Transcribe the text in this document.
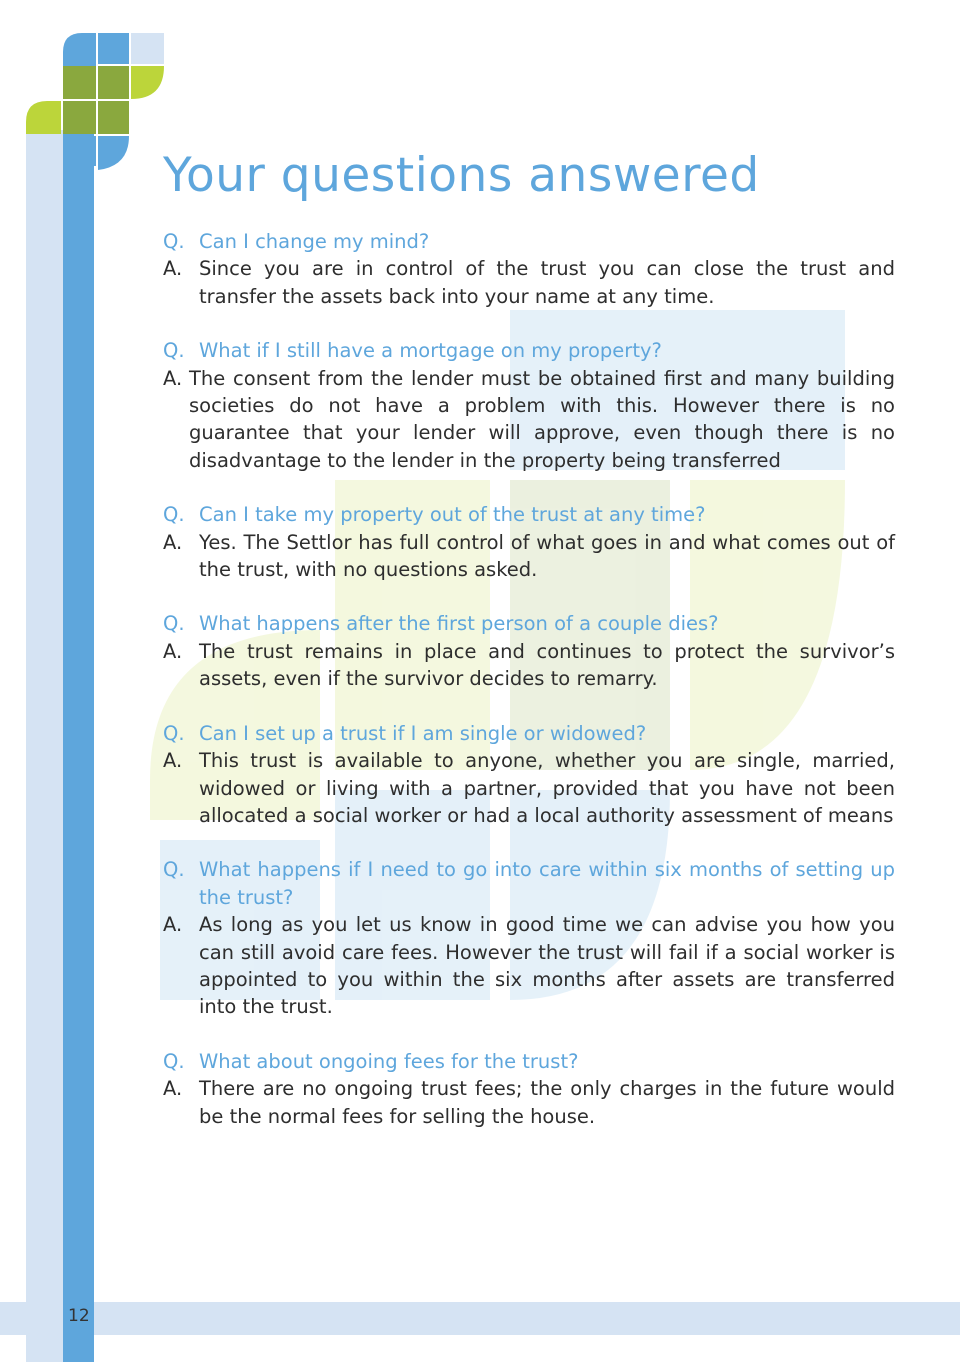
12
Your questions answered
Q. Can I change my mind?
A. Since you are in control of the trust you can close the trust and transfer the assets back into your name at any time.
Q. What if I still have a mortgage on my property?
A. The consent from the lender must be obtained first and many building societies do not have a problem with this. However there is no guarantee that your lender will approve, even though there is no disadvantage to the lender in the property being transferred
Q. Can I take my property out of the trust at any time?
A. Yes. The Settlor has full control of what goes in and what comes out of the trust, with no questions asked.
Q. What happens after the first person of a couple dies?
A. The trust remains in place and continues to protect the survivor’s assets, even if the survivor decides to remarry.
Q. Can I set up a trust if I am single or widowed?
A. This trust is available to anyone, whether you are single, married, widowed or living with a partner, provided that you have not been allocated a social worker or had a local authority assessment of means
Q. What happens if I need to go into care within six months of setting up the trust?
A. As long as you let us know in good time we can advise you how you can still avoid care fees. However the trust will fail if a social worker is appointed to you within the six months after assets are transferred into the trust.
Q. What about ongoing fees for the trust?
A. There are no ongoing trust fees; the only charges in the future would be the normal fees for selling the house.
